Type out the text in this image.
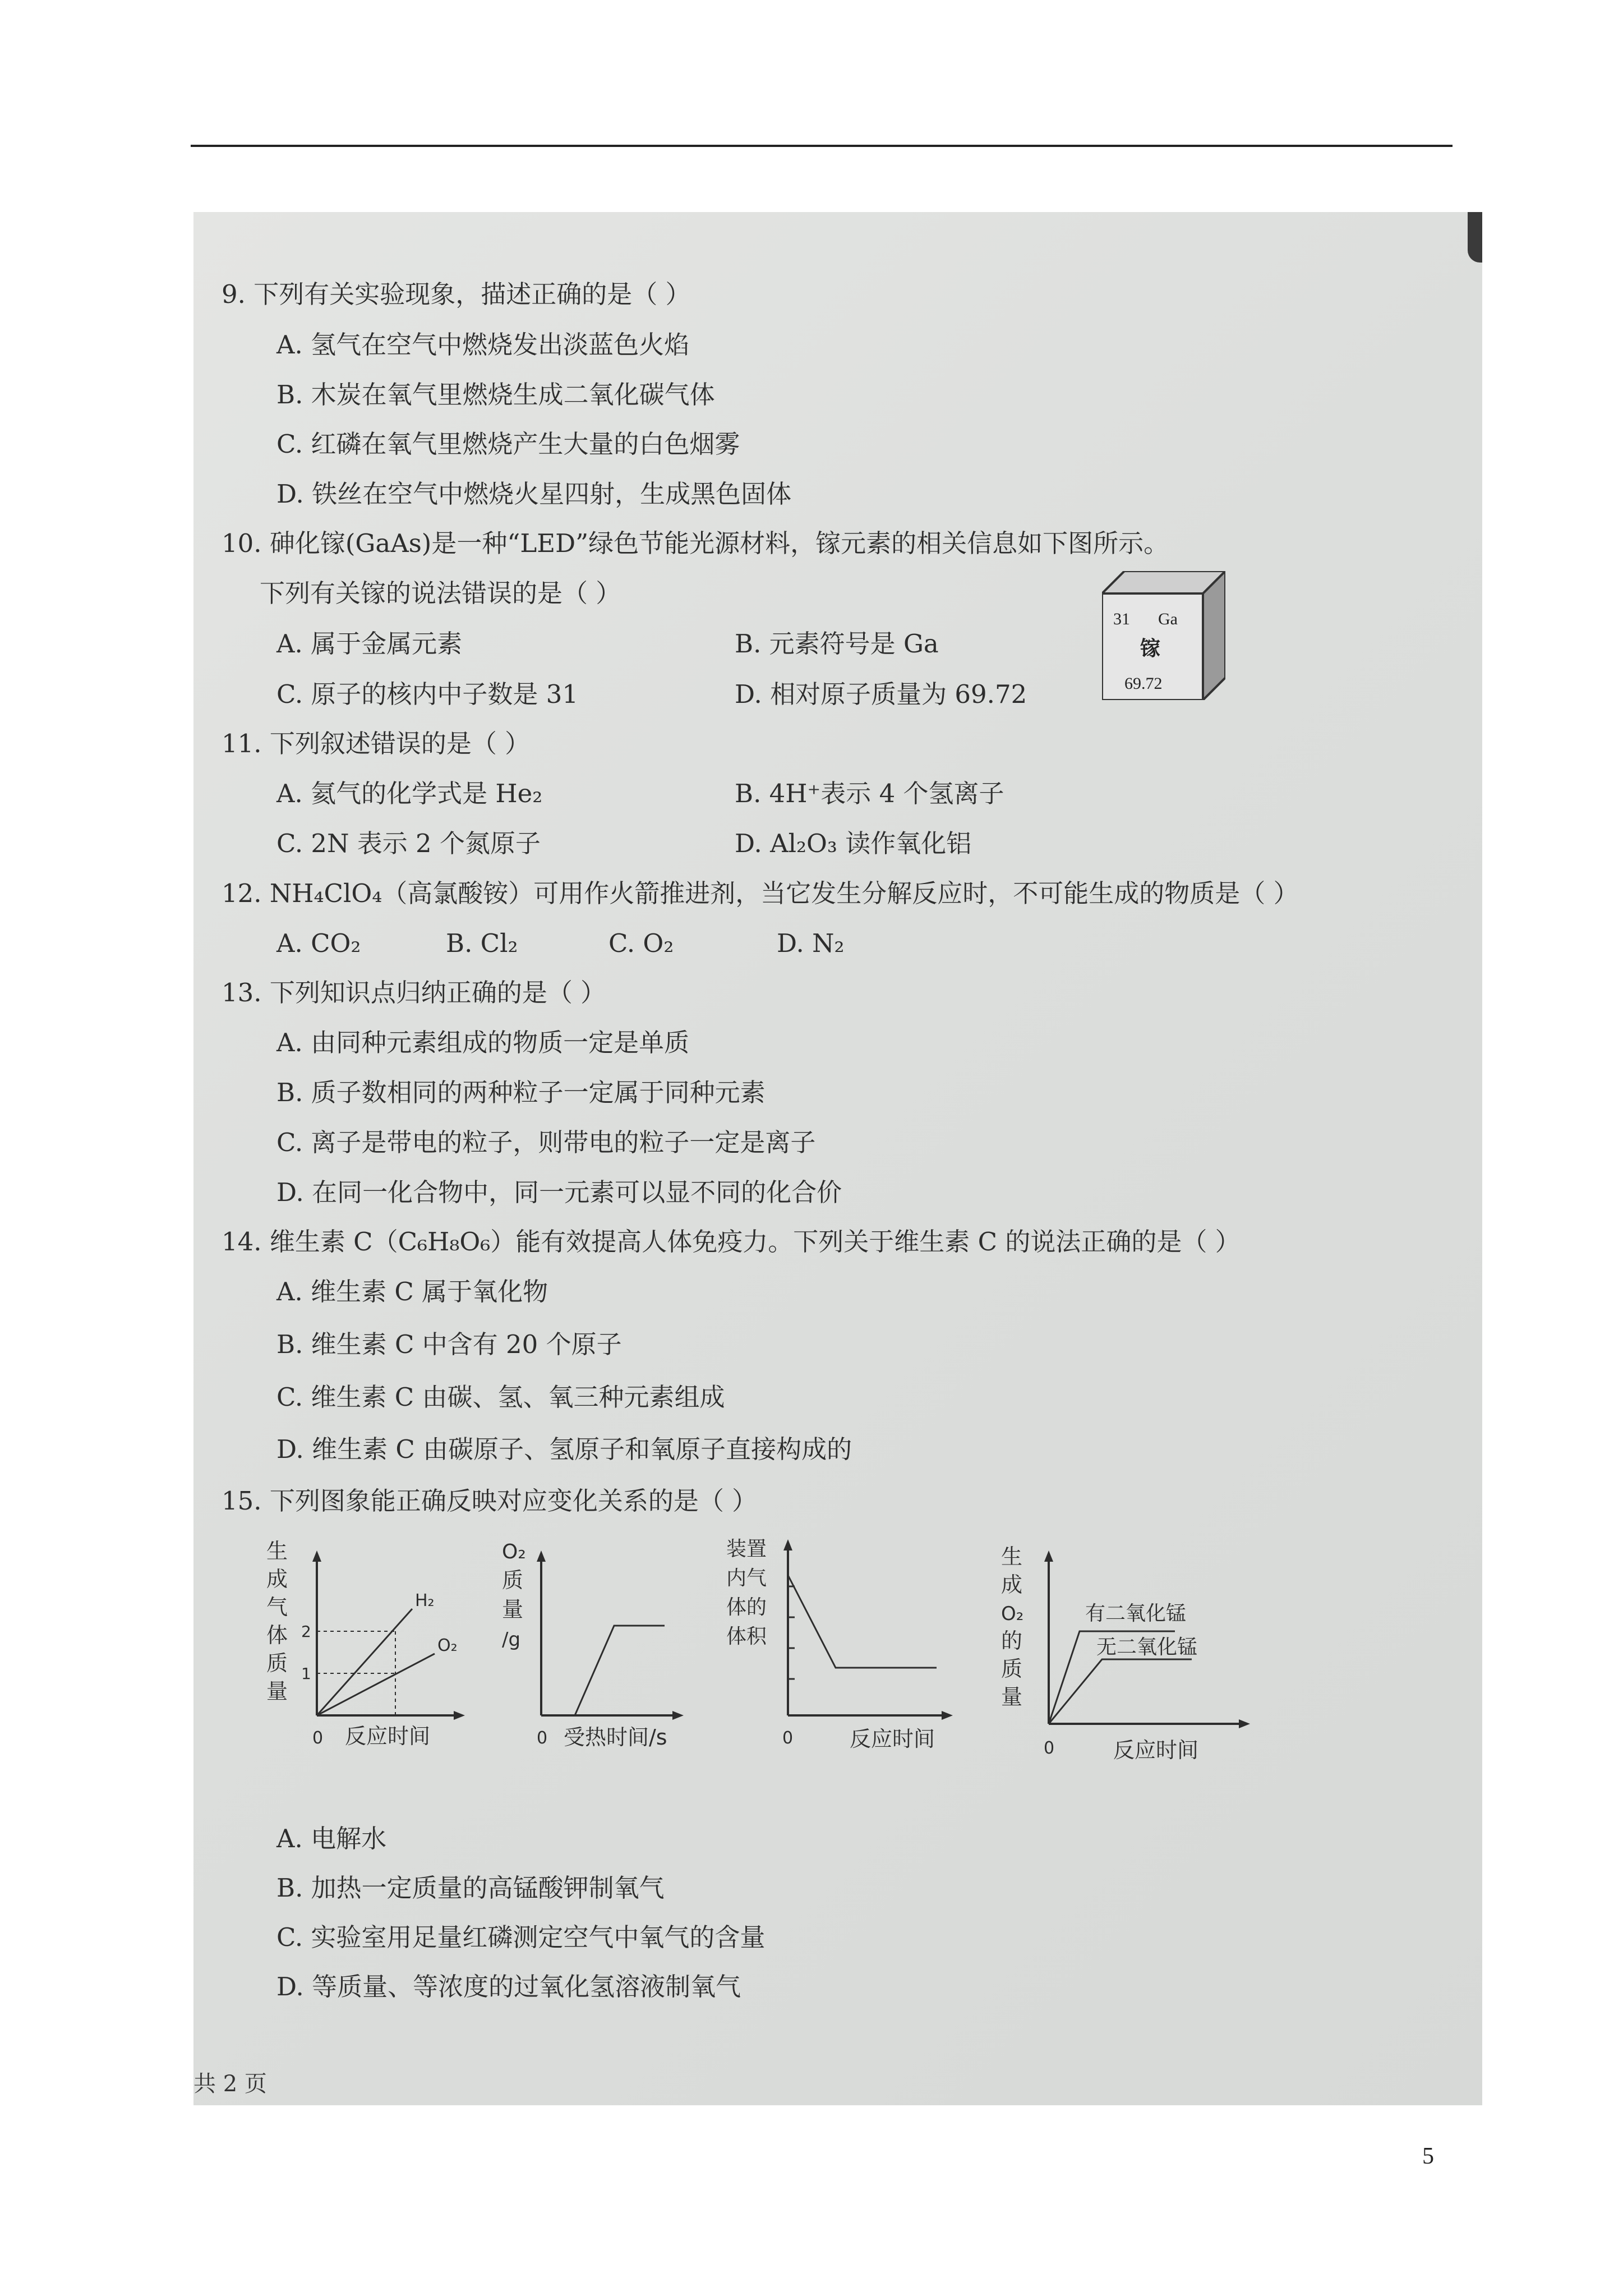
9. 下列有关实验现象，描述正确的是（ ）
A. 氢气在空气中燃烧发出淡蓝色火焰
B. 木炭在氧气里燃烧生成二氧化碳气体
C. 红磷在氧气里燃烧产生大量的白色烟雾
D. 铁丝在空气中燃烧火星四射，生成黑色固体
10. 砷化镓(GaAs)是一种“LED”绿色节能光源材料，镓元素的相关信息如下图所示。
下列有关镓的说法错误的是（ ）
A. 属于金属元素	B. 元素符号是 Ga
C. 原子的核内中子数是 31	D. 相对原子质量为 69.72
31 Ga
镓
69.72
11. 下列叙述错误的是（ ）
A. 氦气的化学式是 He₂	B. 4H⁺表示 4 个氢离子
C. 2N 表示 2 个氮原子	D. Al₂O₃ 读作氧化铝
12. NH₄ClO₄（高氯酸铵）可用作火箭推进剂，当它发生分解反应时，不可能生成的物质是（ ）
A. CO₂	B. Cl₂	C. O₂	D. N₂
13. 下列知识点归纳正确的是（ ）
A. 由同种元素组成的物质一定是单质
B. 质子数相同的两种粒子一定属于同种元素
C. 离子是带电的粒子，则带电的粒子一定是离子
D. 在同一化合物中，同一元素可以显不同的化合价
14. 维生素 C（C₆H₈O₆）能有效提高人体免疫力。下列关于维生素 C 的说法正确的是（ ）
A. 维生素 C 属于氧化物
B. 维生素 C 中含有 20 个原子
C. 维生素 C 由碳、氢、氧三种元素组成
D. 维生素 C 由碳原子、氢原子和氧原子直接构成的
15. 下列图象能正确反映对应变化关系的是（ ）
生
成
气
体
质
量
2
1
H₂
O₂
0 反应时间
O₂
质
量
/g
0 受热时间/s
装置
内气
体的
体积
0	反应时间
生
成
O₂
的
质
量
有二氧化锰
无二氧化锰
0	反应时间
A. 电解水
B. 加热一定质量的高锰酸钾制氧气
C. 实验室用足量红磷测定空气中氧气的含量
D. 等质量、等浓度的过氧化氢溶液制氧气
共 2 页
5
